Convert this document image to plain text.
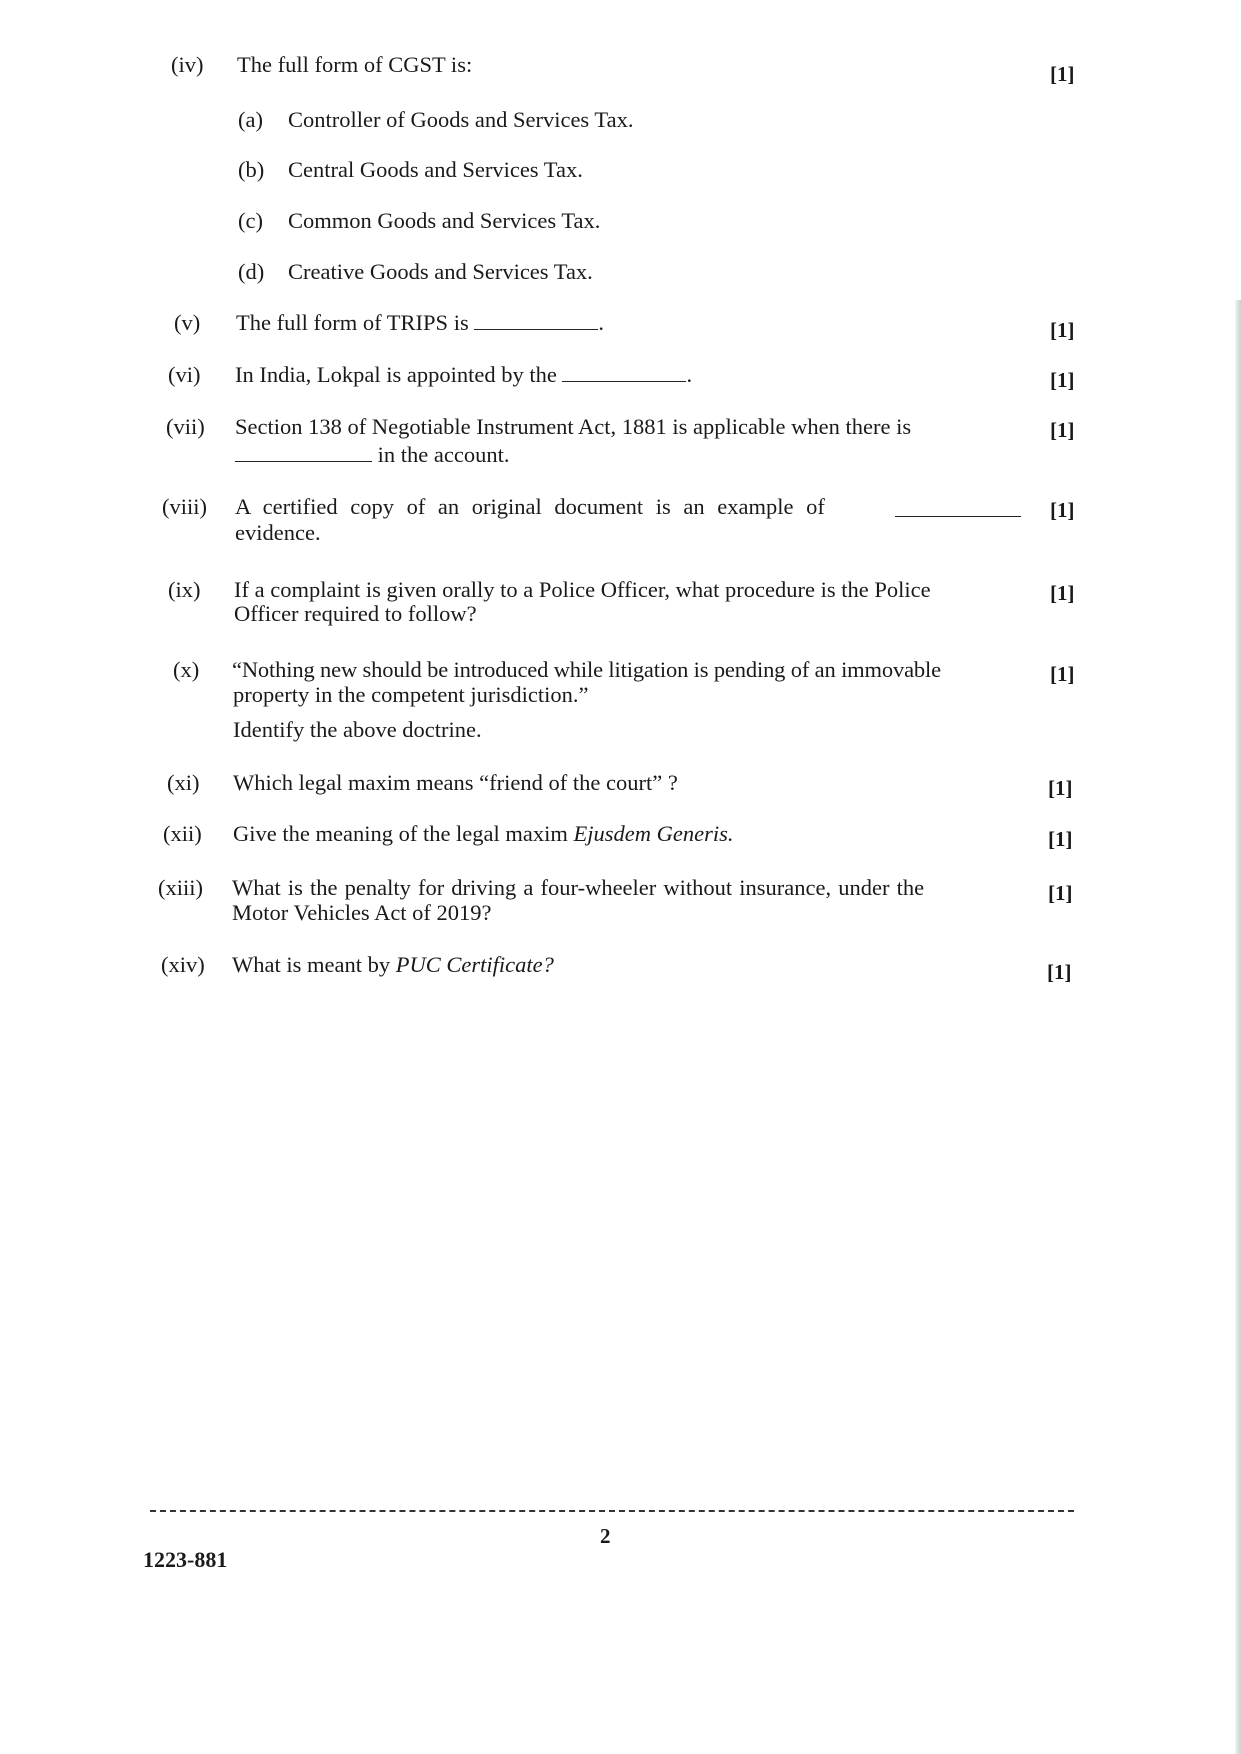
(iv) The full form of CGST is:	[1]
(a) Controller of Goods and Services Tax.
(b) Central Goods and Services Tax.
(c) Common Goods and Services Tax.
(d) Creative Goods and Services Tax.
(v) The full form of TRIPS is	.	[1]
(vi) In India, Lokpal is appointed by the	.	[1]
(vii) Section 138 of Negotiable Instrument Act, 1881 is applicable when there is
in the account.
[1]
(viii) A certified copy of an original document is an example of
evidence.
[1]
(ix) If a complaint is given orally to a Police Officer, what procedure is the Police
Officer required to follow?
[1]
(x) “Nothing new should be introduced while litigation is pending of an immovable
property in the competent jurisdiction.”
Identify the above doctrine.
[1]
(xi) Which legal maxim means “friend of the court” ?	[1]
(xii) Give the meaning of the legal maxim Ejusdem Generis.	[1]
(xiii) What is the penalty for driving a four-wheeler without insurance, under the
Motor Vehicles Act of 2019?
[1]
(xiv) What is meant by PUC Certificate?	[1]
2
1223-881
